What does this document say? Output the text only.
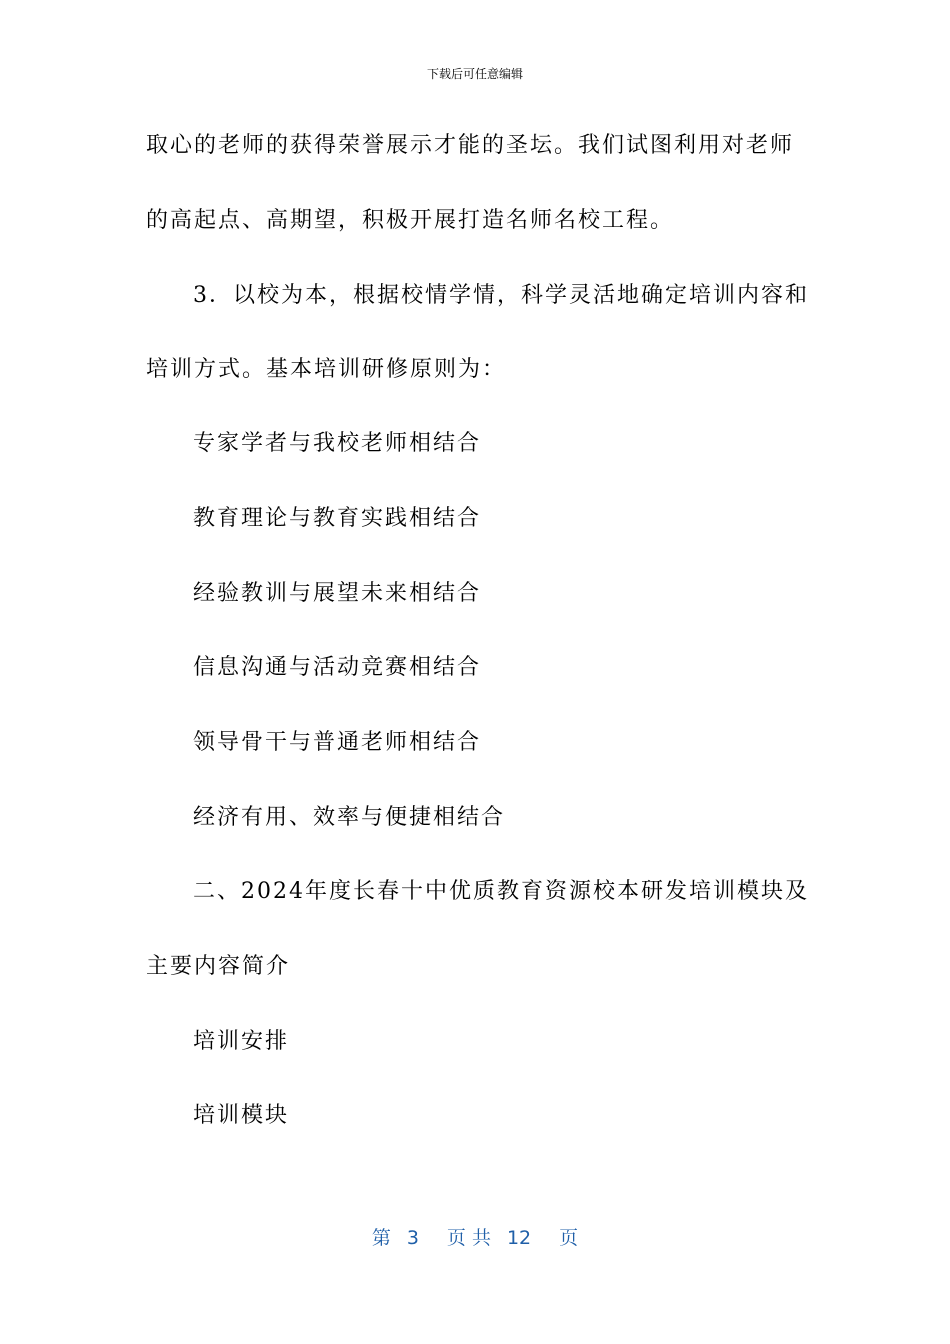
下载后可任意编辑
取心的老师的获得荣誉展示才能的圣坛。我们试图利用对老师
的高起点、高期望，积极开展打造名师名校工程。
3．以校为本，根据校情学情，科学灵活地确定培训内容和
培训方式。基本培训研修原则为：
专家学者与我校老师相结合
教育理论与教育实践相结合
经验教训与展望未来相结合
信息沟通与活动竞赛相结合
领导骨干与普通老师相结合
经济有用、效率与便捷相结合
二、2024年度长春十中优质教育资源校本研发培训模块及
主要内容简介
培训安排
培训模块
第 3 页 共 12 页
